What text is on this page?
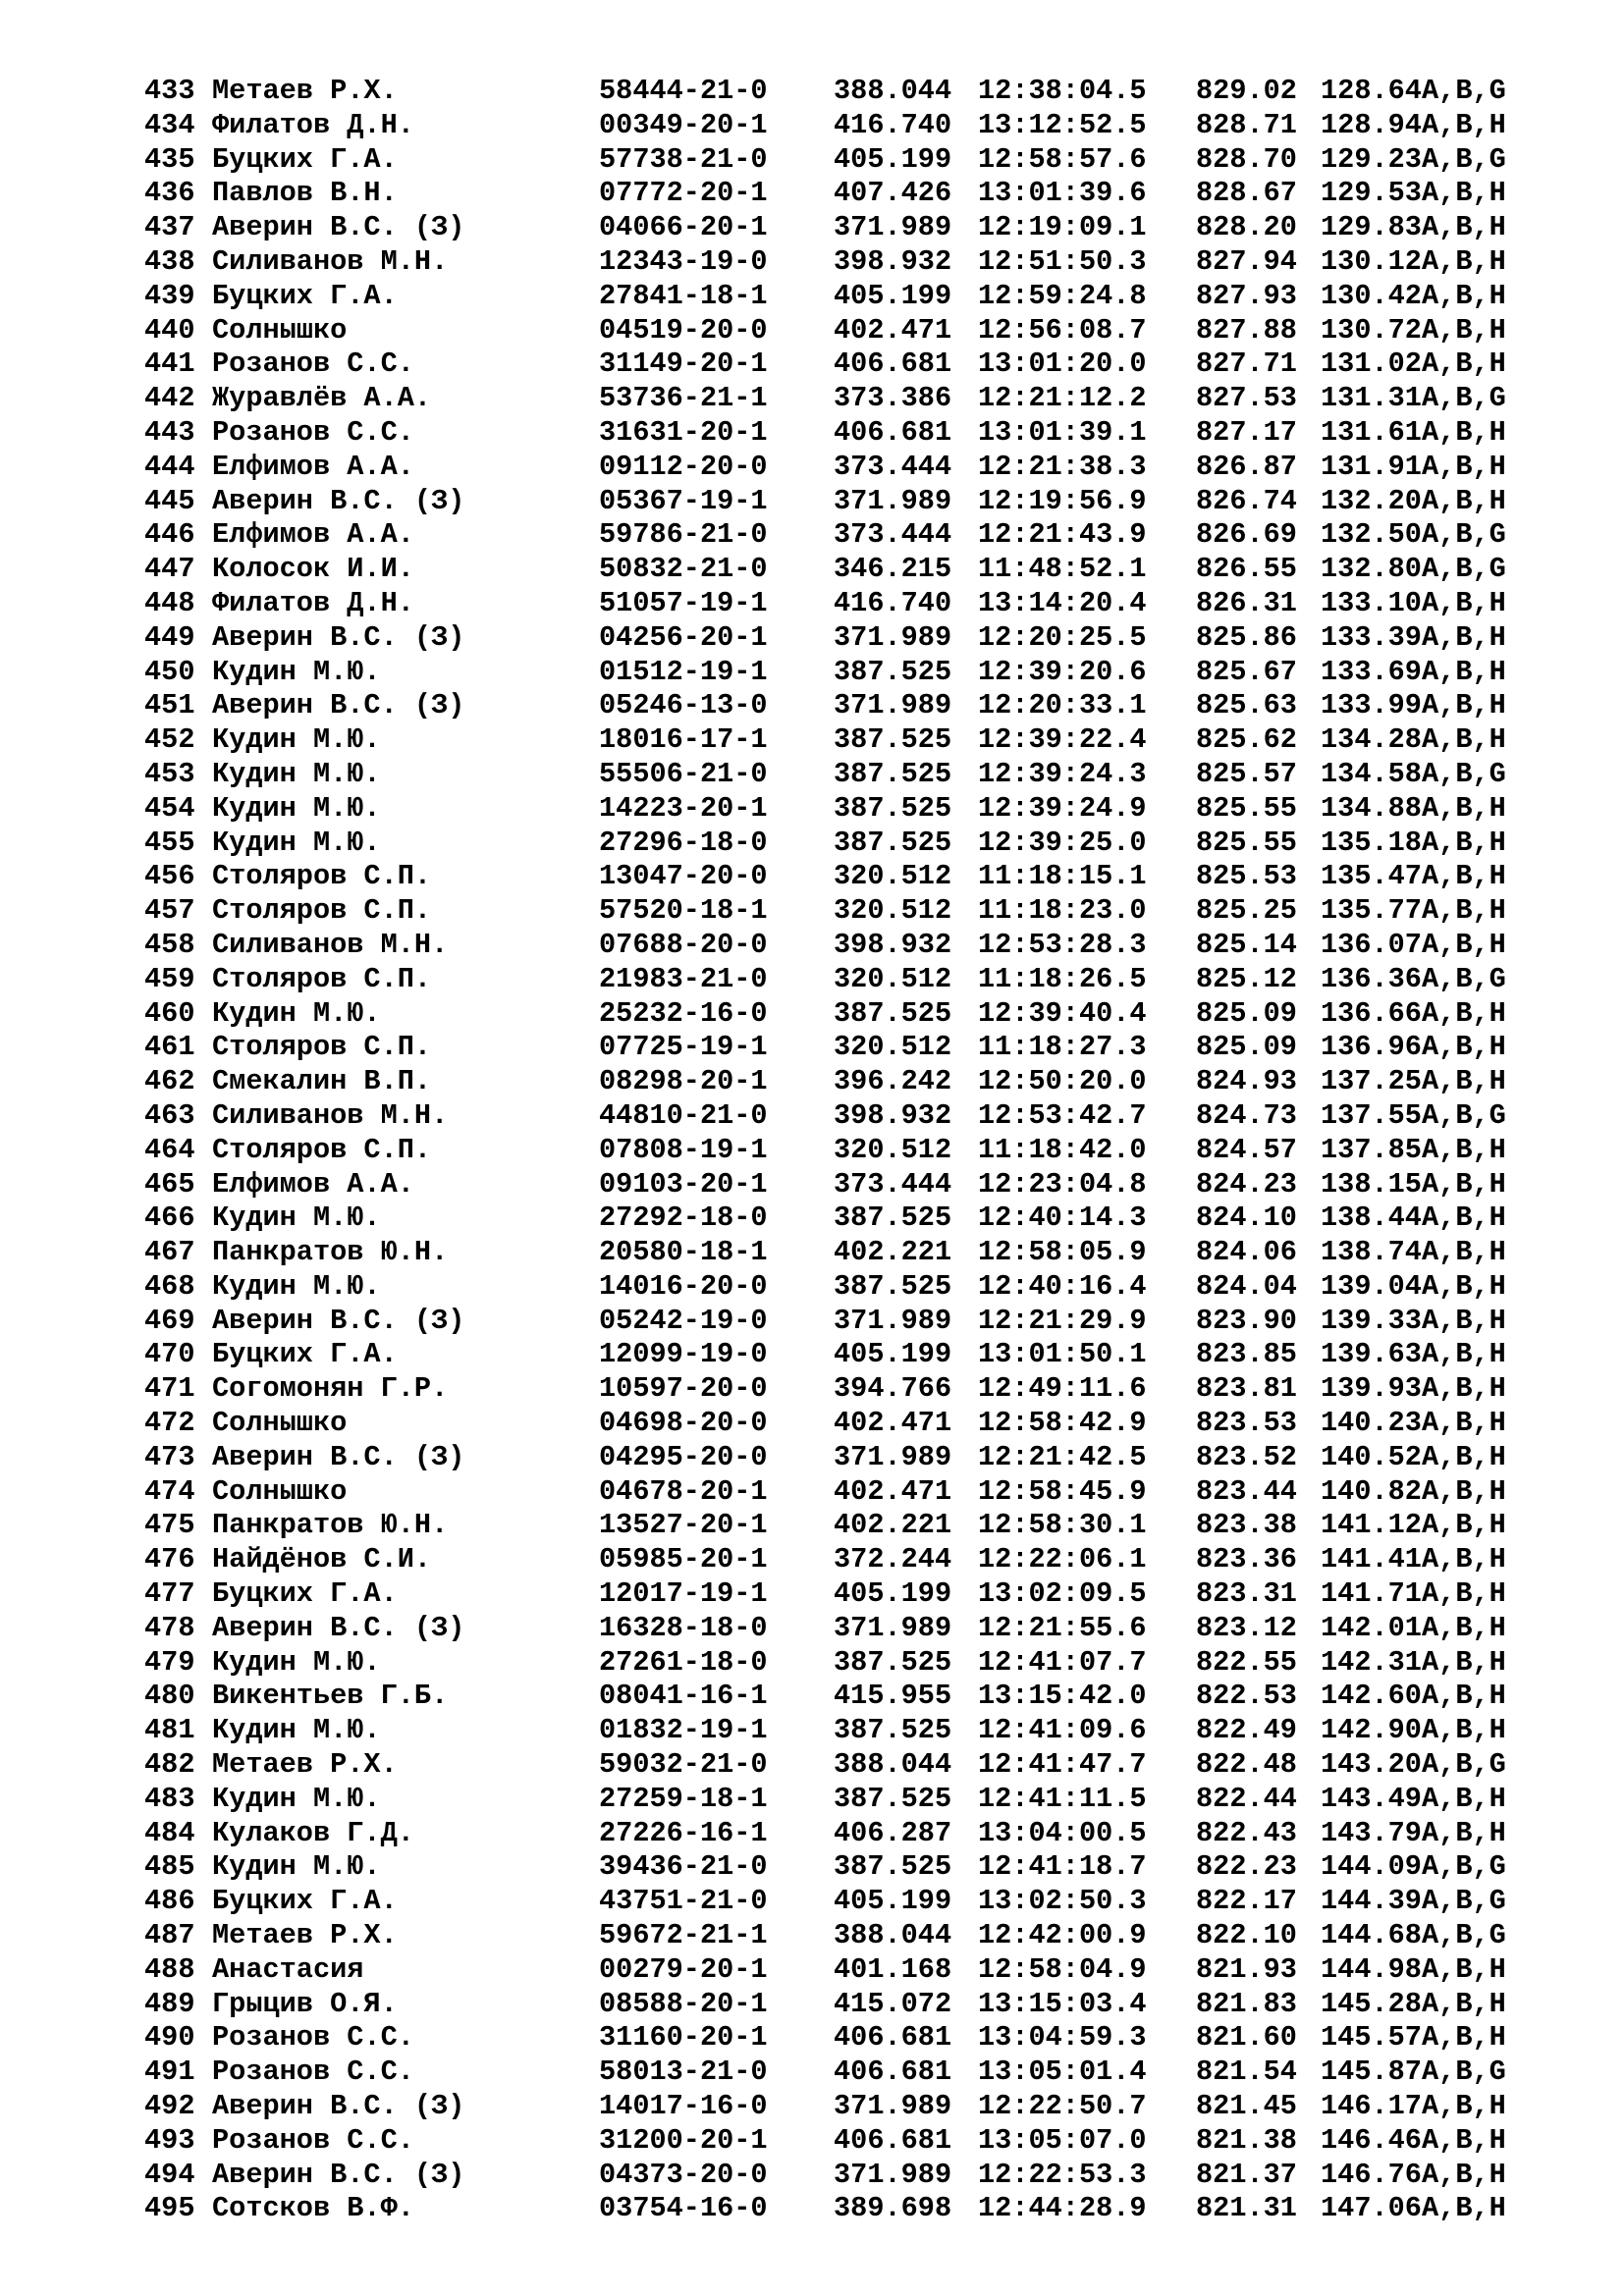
433 Метаев Р.Х.	58444-21-0 388.044 12:38:04.5 829.02 128.64A,B,G
434 Филатов Д.Н.	00349-20-1 416.740 13:12:52.5 828.71 128.94A,B,H
435 Буцких Г.А.	57738-21-0 405.199 12:58:57.6 828.70 129.23A,B,G
436 Павлов В.Н.	07772-20-1 407.426 13:01:39.6 828.67 129.53A,B,H
437 Аверин В.С. (З)	04066-20-1 371.989 12:19:09.1 828.20 129.83A,B,H
438 Силиванов М.Н.	12343-19-0 398.932 12:51:50.3 827.94 130.12A,B,H
439 Буцких Г.А.	27841-18-1 405.199 12:59:24.8 827.93 130.42A,B,H
440 Солнышко	04519-20-0 402.471 12:56:08.7 827.88 130.72A,B,H
441 Розанов С.С.	31149-20-1 406.681 13:01:20.0 827.71 131.02A,B,H
442 Журавлёв А.А.	53736-21-1 373.386 12:21:12.2 827.53 131.31A,B,G
443 Розанов С.С.	31631-20-1 406.681 13:01:39.1 827.17 131.61A,B,H
444 Елфимов А.А.	09112-20-0 373.444 12:21:38.3 826.87 131.91A,B,H
445 Аверин В.С. (З)	05367-19-1 371.989 12:19:56.9 826.74 132.20A,B,H
446 Елфимов А.А.	59786-21-0 373.444 12:21:43.9 826.69 132.50A,B,G
447 Колосок И.И.	50832-21-0 346.215 11:48:52.1 826.55 132.80A,B,G
448 Филатов Д.Н.	51057-19-1 416.740 13:14:20.4 826.31 133.10A,B,H
449 Аверин В.С. (З)	04256-20-1 371.989 12:20:25.5 825.86 133.39A,B,H
450 Кудин М.Ю.	01512-19-1 387.525 12:39:20.6 825.67 133.69A,B,H
451 Аверин В.С. (З)	05246-13-0 371.989 12:20:33.1 825.63 133.99A,B,H
452 Кудин М.Ю.	18016-17-1 387.525 12:39:22.4 825.62 134.28A,B,H
453 Кудин М.Ю.	55506-21-0 387.525 12:39:24.3 825.57 134.58A,B,G
454 Кудин М.Ю.	14223-20-1 387.525 12:39:24.9 825.55 134.88A,B,H
455 Кудин М.Ю.	27296-18-0 387.525 12:39:25.0 825.55 135.18A,B,H
456 Столяров С.П.	13047-20-0 320.512 11:18:15.1 825.53 135.47A,B,H
457 Столяров С.П.	57520-18-1 320.512 11:18:23.0 825.25 135.77A,B,H
458 Силиванов М.Н.	07688-20-0 398.932 12:53:28.3 825.14 136.07A,B,H
459 Столяров С.П.	21983-21-0 320.512 11:18:26.5 825.12 136.36A,B,G
460 Кудин М.Ю.	25232-16-0 387.525 12:39:40.4 825.09 136.66A,B,H
461 Столяров С.П.	07725-19-1 320.512 11:18:27.3 825.09 136.96A,B,H
462 Смекалин В.П.	08298-20-1 396.242 12:50:20.0 824.93 137.25A,B,H
463 Силиванов М.Н.	44810-21-0 398.932 12:53:42.7 824.73 137.55A,B,G
464 Столяров С.П.	07808-19-1 320.512 11:18:42.0 824.57 137.85A,B,H
465 Елфимов А.А.	09103-20-1 373.444 12:23:04.8 824.23 138.15A,B,H
466 Кудин М.Ю.	27292-18-0 387.525 12:40:14.3 824.10 138.44A,B,H
467 Панкратов Ю.Н.	20580-18-1 402.221 12:58:05.9 824.06 138.74A,B,H
468 Кудин М.Ю.	14016-20-0 387.525 12:40:16.4 824.04 139.04A,B,H
469 Аверин В.С. (З)	05242-19-0 371.989 12:21:29.9 823.90 139.33A,B,H
470 Буцких Г.А.	12099-19-0 405.199 13:01:50.1 823.85 139.63A,B,H
471 Согомонян Г.Р.	10597-20-0 394.766 12:49:11.6 823.81 139.93A,B,H
472 Солнышко	04698-20-0 402.471 12:58:42.9 823.53 140.23A,B,H
473 Аверин В.С. (З)	04295-20-0 371.989 12:21:42.5 823.52 140.52A,B,H
474 Солнышко	04678-20-1 402.471 12:58:45.9 823.44 140.82A,B,H
475 Панкратов Ю.Н.	13527-20-1 402.221 12:58:30.1 823.38 141.12A,B,H
476 Найдёнов С.И.	05985-20-1 372.244 12:22:06.1 823.36 141.41A,B,H
477 Буцких Г.А.	12017-19-1 405.199 13:02:09.5 823.31 141.71A,B,H
478 Аверин В.С. (З)	16328-18-0 371.989 12:21:55.6 823.12 142.01A,B,H
479 Кудин М.Ю.	27261-18-0 387.525 12:41:07.7 822.55 142.31A,B,H
480 Викентьев Г.Б.	08041-16-1 415.955 13:15:42.0 822.53 142.60A,B,H
481 Кудин М.Ю.	01832-19-1 387.525 12:41:09.6 822.49 142.90A,B,H
482 Метаев Р.Х.	59032-21-0 388.044 12:41:47.7 822.48 143.20A,B,G
483 Кудин М.Ю.	27259-18-1 387.525 12:41:11.5 822.44 143.49A,B,H
484 Кулаков Г.Д.	27226-16-1 406.287 13:04:00.5 822.43 143.79A,B,H
485 Кудин М.Ю.	39436-21-0 387.525 12:41:18.7 822.23 144.09A,B,G
486 Буцких Г.А.	43751-21-0 405.199 13:02:50.3 822.17 144.39A,B,G
487 Метаев Р.Х.	59672-21-1 388.044 12:42:00.9 822.10 144.68A,B,G
488 Анастасия	00279-20-1 401.168 12:58:04.9 821.93 144.98A,B,H
489 Грыцив О.Я.	08588-20-1 415.072 13:15:03.4 821.83 145.28A,B,H
490 Розанов С.С.	31160-20-1 406.681 13:04:59.3 821.60 145.57A,B,H
491 Розанов С.С.	58013-21-0 406.681 13:05:01.4 821.54 145.87A,B,G
492 Аверин В.С. (З)	14017-16-0 371.989 12:22:50.7 821.45 146.17A,B,H
493 Розанов С.С.	31200-20-1 406.681 13:05:07.0 821.38 146.46A,B,H
494 Аверин В.С. (З)	04373-20-0 371.989 12:22:53.3 821.37 146.76A,B,H
495 Сотсков В.Ф.	03754-16-0 389.698 12:44:28.9 821.31 147.06A,B,H
